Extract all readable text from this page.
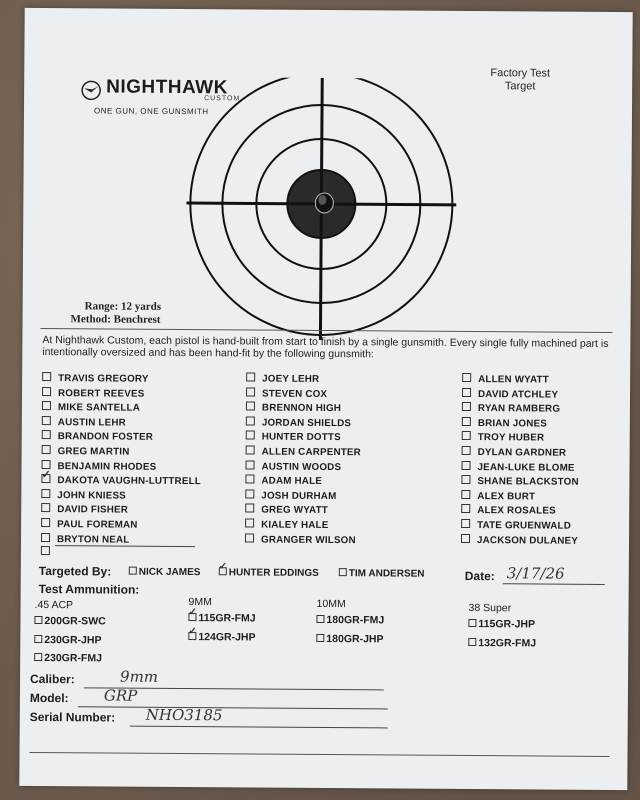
NIGHTHAWK
CUSTOM
ONE GUN, ONE GUNSMITH
Factory Test
Target
Range: 12 yards
Method: Benchrest
At Nighthawk Custom, each pistol is hand-built from start to finish by a single gunsmith. Every single fully machined part is intentionally oversized and has been hand-fit by the following gunsmith:
TRAVIS GREGORY
ROBERT REEVES
MIKE SANTELLA
AUSTIN LEHR
BRANDON FOSTER
GREG MARTIN
BENJAMIN RHODES
✓DAKOTA VAUGHN-LUTTRELL
JOHN KNIESS
DAVID FISHER
PAUL FOREMAN
BRYTON NEAL
JOEY LEHR
STEVEN COX
BRENNON HIGH
JORDAN SHIELDS
HUNTER DOTTS
ALLEN CARPENTER
AUSTIN WOODS
ADAM HALE
JOSH DURHAM
GREG WYATT
KIALEY HALE
GRANGER WILSON
ALLEN WYATT
DAVID ATCHLEY
RYAN RAMBERG
BRIAN JONES
TROY HUBER
DYLAN GARDNER
JEAN-LUKE BLOME
SHANE BLACKSTON
ALEX BURT
ALEX ROSALES
TATE GRUENWALD
JACKSON DULANEY
Targeted By:	NICK JAMES
✓	HUNTER EDDINGS	TIM ANDERSEN	Date: 3/17/26
Test Ammunition:
.45 ACP
200GR-SWC
230GR-JHP
230GR-FMJ
9MM
✓115GR-FMJ
✓124GR-JHP
10MM
180GR-FMJ
180GR-JHP
38 Super
115GR-JHP
132GR-FMJ
Caliber:	9mm
Model: GRP
Serial Number: NHO3185
